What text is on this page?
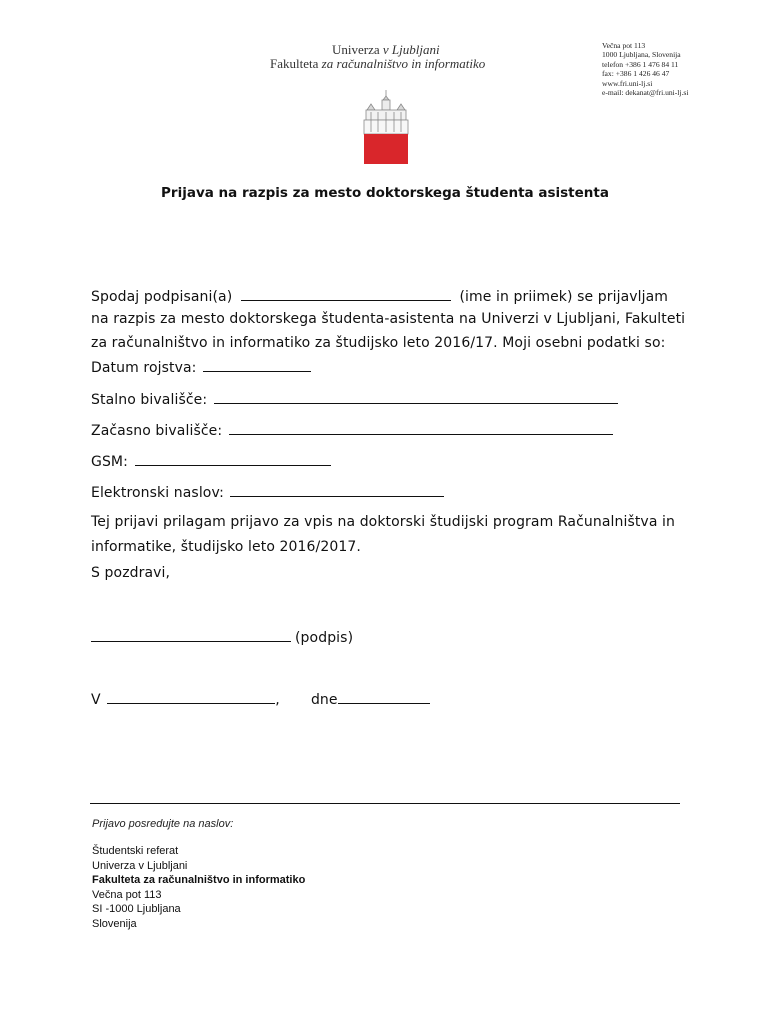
Univerza v Ljubljani
Fakulteta za računalništvo in informatiko
Večna pot 113
1000 Ljubljana, Slovenija
telefon +386 1 476 84 11
fax: +386 1 426 46 47
www.fri.uni-lj.si
e-mail: dekanat@fri.uni-lj.si
Prijava na razpis za mesto doktorskega študenta asistenta
Spodaj podpisani(a)	(ime in priimek) se prijavljam
na razpis za mesto doktorskega študenta-asistenta na Univerzi v Ljubljani, Fakulteti
za računalništvo in informatiko za študijsko leto 2016/17. Moji osebni podatki so:
Datum rojstva:
Stalno bivališče:
Začasno bivališče:
GSM:
Elektronski naslov:
Tej prijavi prilagam prijavo za vpis na doktorski študijski program Računalništva in
informatike, študijsko leto 2016/2017.
S pozdravi,
(podpis)
V	, dne
Prijavo posredujte na naslov:
Študentski referat
Univerza v Ljubljani
Fakulteta za računalništvo in informatiko
Večna pot 113
SI -1000 Ljubljana
Slovenija
